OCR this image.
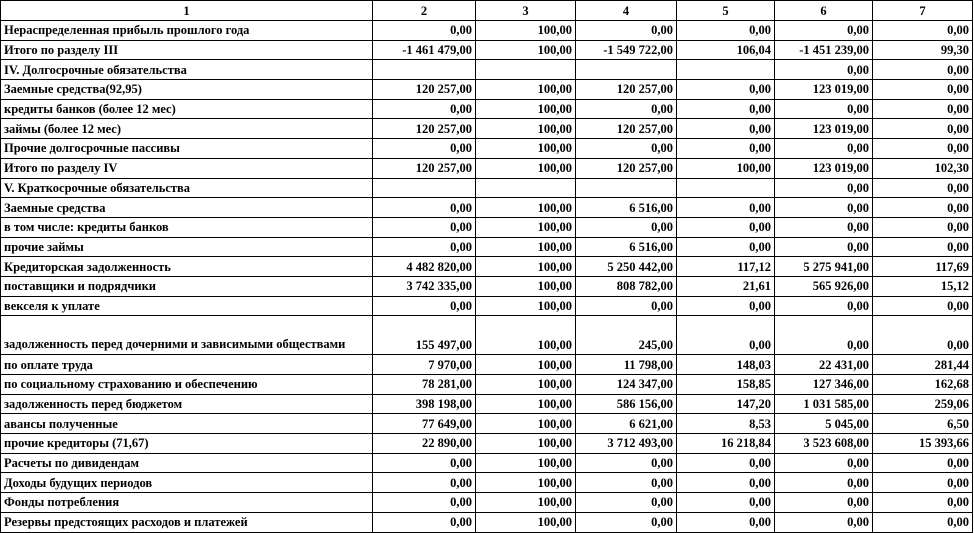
1	2	3	4	5	6	7
Нераспределенная прибыль прошлого года	0,00	100,00	0,00	0,00	0,00	0,00
Итого по разделу III	-1 461 479,00	100,00	-1 549 722,00	106,04	-1 451 239,00	99,30
IV. Долгосрочные обязательства					0,00	0,00
Заемные средства(92,95)	120 257,00	100,00	120 257,00	0,00	123 019,00	0,00
кредиты банков (более 12 мес)	0,00	100,00	0,00	0,00	0,00	0,00
займы (более 12 мес)	120 257,00	100,00	120 257,00	0,00	123 019,00	0,00
Прочие долгосрочные пассивы	0,00	100,00	0,00	0,00	0,00	0,00
Итого по разделу IV	120 257,00	100,00	120 257,00	100,00	123 019,00	102,30
V. Краткосрочные обязательства					0,00	0,00
Заемные средства	0,00	100,00	6 516,00	0,00	0,00	0,00
в том числе: кредиты банков	0,00	100,00	0,00	0,00	0,00	0,00
прочие займы	0,00	100,00	6 516,00	0,00	0,00	0,00
Кредиторская задолженность	4 482 820,00	100,00	5 250 442,00	117,12	5 275 941,00	117,69
поставщики и подрядчики	3 742 335,00	100,00	808 782,00	21,61	565 926,00	15,12
векселя к уплате	0,00	100,00	0,00	0,00	0,00	0,00
задолженность перед дочерними и зависимыми обществами	155 497,00	100,00	245,00	0,00	0,00	0,00
по оплате труда	7 970,00	100,00	11 798,00	148,03	22 431,00	281,44
по социальному страхованию и обеспечению	78 281,00	100,00	124 347,00	158,85	127 346,00	162,68
задолженность перед бюджетом	398 198,00	100,00	586 156,00	147,20	1 031 585,00	259,06
авансы полученные	77 649,00	100,00	6 621,00	8,53	5 045,00	6,50
прочие кредиторы (71,67)	22 890,00	100,00	3 712 493,00	16 218,84	3 523 608,00	15 393,66
Расчеты по дивидендам	0,00	100,00	0,00	0,00	0,00	0,00
Доходы будущих периодов	0,00	100,00	0,00	0,00	0,00	0,00
Фонды потребления	0,00	100,00	0,00	0,00	0,00	0,00
Резервы предстоящих расходов и платежей	0,00	100,00	0,00	0,00	0,00	0,00
